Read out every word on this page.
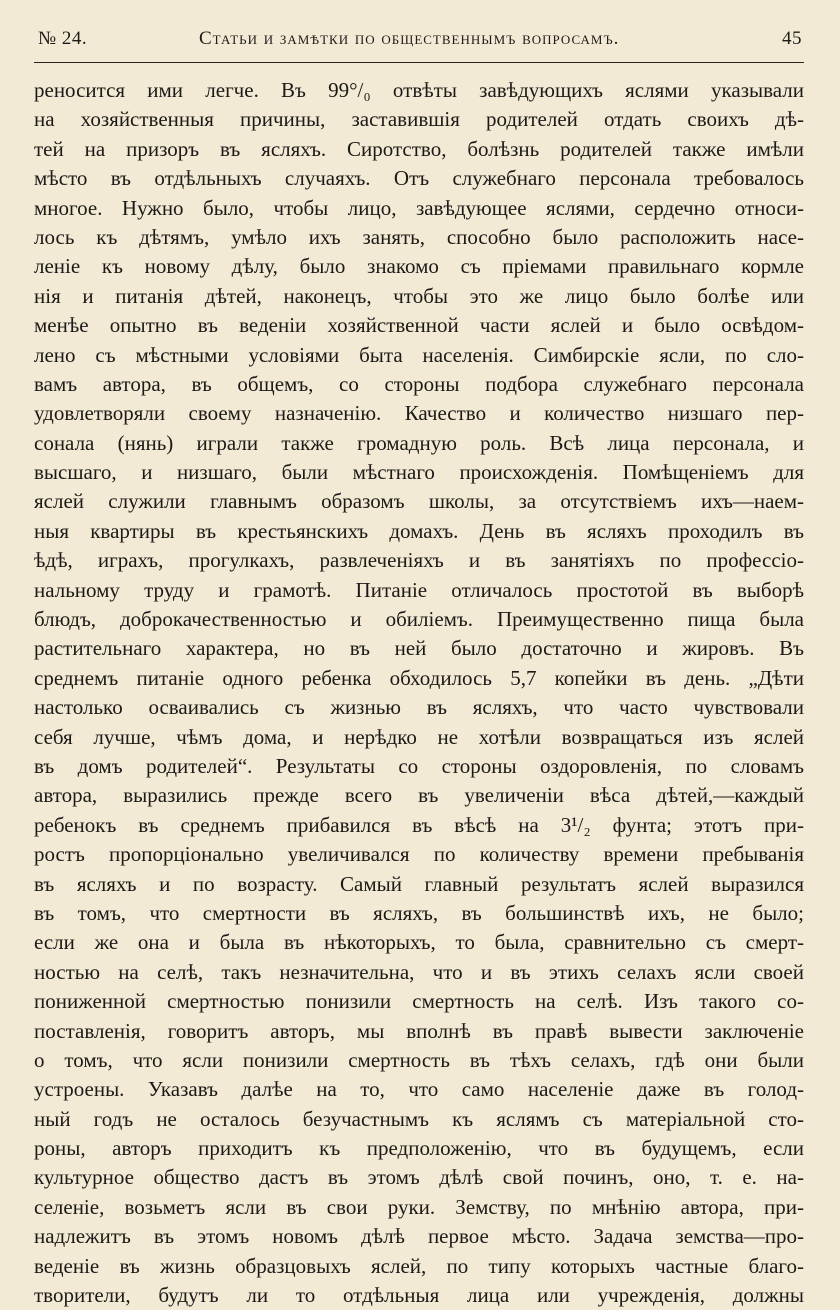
№ 24.	Статьи и замѣтки по общественнымъ вопросамъ.	45
реносится ими легче. Въ 99°/₀ отвѣты завѣдующихъ яслями указывали
на хозяйственныя причины, заставившія родителей отдать своихъ дѣ-
тей на призоръ въ ясляхъ. Сиротство, болѣзнь родителей также имѣли
мѣсто въ отдѣльныхъ случаяхъ. Отъ служебнаго персонала требовалось
многое. Нужно было, чтобы лицо, завѣдующее яслями, сердечно относи-
лось къ дѣтямъ, умѣло ихъ занять, способно было расположить насе-
леніе къ новому дѣлу, было знакомо съ пріемами правильнаго кормле
нія и питанія дѣтей, наконецъ, чтобы это же лицо было болѣе или
менѣе опытно въ веденіи хозяйственной части яслей и было освѣдом-
лено съ мѣстными условіями быта населенія. Симбирскіе ясли, по сло-
вамъ автора, въ общемъ, со стороны подбора служебнаго персонала
удовлетворяли своему назначенію. Качество и количество низшаго пер-
сонала (нянь) играли также громадную роль. Всѣ лица персонала, и
высшаго, и низшаго, были мѣстнаго происхожденія. Помѣщеніемъ для
яслей служили главнымъ образомъ школы, за отсутствіемъ ихъ—наем-
ныя квартиры въ крестьянскихъ домахъ. День въ ясляхъ проходилъ въ
ѣдѣ, играхъ, прогулкахъ, развлеченіяхъ и въ занятіяхъ по профессіо-
нальному труду и грамотѣ. Питаніе отличалось простотой въ выборѣ
блюдъ, доброкачественностью и обиліемъ. Преимущественно пища была
растительнаго характера, но въ ней было достаточно и жировъ. Въ
среднемъ питаніе одного ребенка обходилось 5,7 копейки въ день. „Дѣти
настолько осваивались съ жизнью въ ясляхъ, что часто чувствовали
себя лучше, чѣмъ дома, и нерѣдко не хотѣли возвращаться изъ яслей
въ домъ родителей“. Результаты со стороны оздоровленія, по словамъ
автора, выразились прежде всего въ увеличеніи вѣса дѣтей,—каждый
ребенокъ въ среднемъ прибавился въ вѣсѣ на 3¹/₂ фунта; этотъ при-
ростъ пропорціонально увеличивался по количеству времени пребыванія
въ ясляхъ и по возрасту. Самый главный результатъ яслей выразился
въ томъ, что смертности въ ясляхъ, въ большинствѣ ихъ, не было;
если же она и была въ нѣкоторыхъ, то была, сравнительно съ смерт-
ностью на селѣ, такъ незначительна, что и въ этихъ селахъ ясли своей
пониженной смертностью понизили смертность на селѣ. Изъ такого со-
поставленія, говоритъ авторъ, мы вполнѣ въ правѣ вывести заключеніе
о томъ, что ясли понизили смертность въ тѣхъ селахъ, гдѣ они были
устроены. Указавъ далѣе на то, что само населеніе даже въ голод-
ный годъ не осталось безучастнымъ къ яслямъ съ матеріальной сто-
роны, авторъ приходитъ къ предположенію, что въ будущемъ, если
культурное общество дастъ въ этомъ дѣлѣ свой починъ, оно, т. е. на-
селеніе, возьметъ ясли въ свои руки. Земству, по мнѣнію автора, при-
надлежитъ въ этомъ новомъ дѣлѣ первое мѣсто. Задача земства—про-
веденіе въ жизнь образцовыхъ яслей, по типу которыхъ частные благо-
творители, будутъ ли то отдѣльныя лица или учрежденія, должны
